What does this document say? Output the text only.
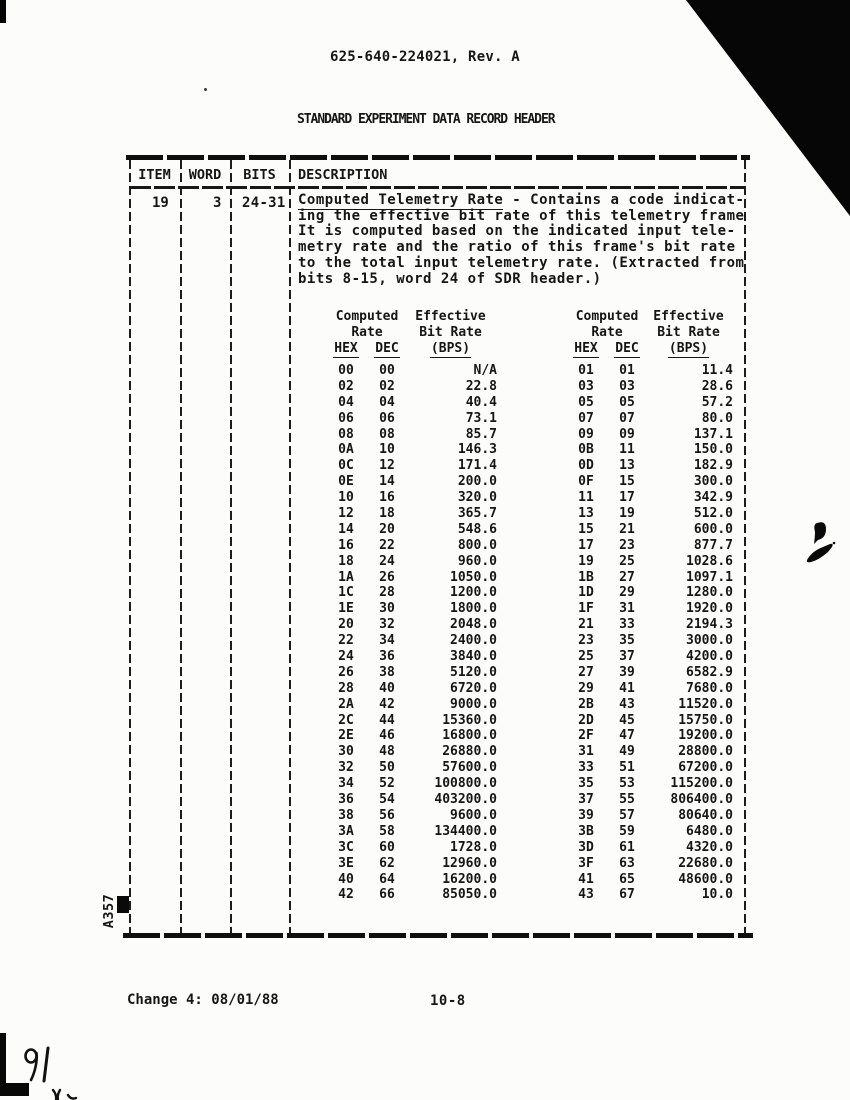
625-640-224021, Rev. A
STANDARD EXPERIMENT DATA RECORD HEADER
ITEM	WORD	BITS	DESCRIPTION
19	3 24-31 Computed Telemetry Rate - Contains a code indicat-
ing the effective bit rate of this telemetry frame
It is computed based on the indicated input tele-
metry rate and the ratio of this frame's bit rate
to the total input telemetry rate. (Extracted from
bits 8-15, word 24 of SDR header.)
Computed	Effective	Computed	Effective
Rate	Bit Rate	Rate	Bit Rate
HEX	DEC	(BPS)	HEX	DEC	(BPS)
00	00	N/A	01	01	11.4
02	02	22.8	03	03	28.6
04	04	40.4	05	05	57.2
06	06	73.1	07	07	80.0
08	08	85.7	09	09	137.1
0A	10	146.3	0B	11	150.0
0C	12	171.4	0D	13	182.9
0E	14	200.0	0F	15	300.0
10	16	320.0	11	17	342.9
12	18	365.7	13	19	512.0
14	20	548.6	15	21	600.0
16	22	800.0	17	23	877.7
18	24	960.0	19	25	1028.6
1A	26	1050.0	1B	27	1097.1
1C	28	1200.0	1D	29	1280.0
1E	30	1800.0	1F	31	1920.0
20	32	2048.0	21	33	2194.3
22	34	2400.0	23	35	3000.0
24	36	3840.0	25	37	4200.0
26	38	5120.0	27	39	6582.9
28	40	6720.0	29	41	7680.0
2A	42	9000.0	2B	43	11520.0
2C	44	15360.0	2D	45	15750.0
2E	46	16800.0	2F	47	19200.0
30	48	26880.0	31	49	28800.0
32	50	57600.0	33	51	67200.0
34	52	100800.0	35	53	115200.0
36	54	403200.0	37	55	806400.0
38	56	9600.0	39	57	80640.0
3A	58	134400.0	3B	59	6480.0
3C	60	1728.0	3D	61	4320.0
3E	62	12960.0	3F	63	22680.0
40	64	16200.0	41	65	48600.0
42	66	85050.0	43	67	10.0
A357
Change 4: 08/01/88	10-8
